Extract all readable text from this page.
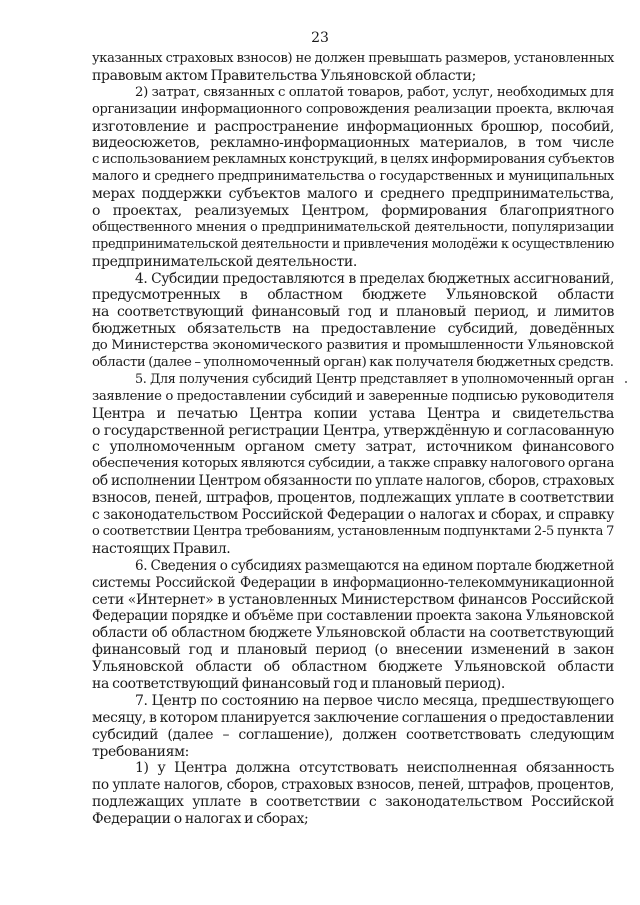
23
указанных страховых взносов) не должен превышать размеров, установленных
правовым актом Правительства Ульяновской области;
2) затрат, связанных с оплатой товаров, работ, услуг, необходимых для
организации информационного сопровождения реализации проекта, включая
изготовление и распространение информационных брошюр, пособий,
видеосюжетов, рекламно-информационных материалов, в том числе
с использованием рекламных конструкций, в целях информирования субъектов
малого и среднего предпринимательства о государственных и муниципальных
мерах поддержки субъектов малого и среднего предпринимательства,
о проектах, реализуемых Центром, формирования благоприятного
общественного мнения о предпринимательской деятельности, популяризации
предпринимательской деятельности и привлечения молодёжи к осуществлению
предпринимательской деятельности.
4. Субсидии предоставляются в пределах бюджетных ассигнований,
предусмотренных в областном бюджете Ульяновской области
на соответствующий финансовый год и плановый период, и лимитов
бюджетных обязательств на предоставление субсидий, доведённых
до Министерства экономического развития и промышленности Ульяновской
области (далее – уполномоченный орган) как получателя бюджетных средств.
5. Для получения субсидий Центр представляет в уполномоченный орган
заявление о предоставлении субсидий и заверенные подписью руководителя
Центра и печатью Центра копии устава Центра и свидетельства
о государственной регистрации Центра, утверждённую и согласованную
с уполномоченным органом смету затрат, источником финансового
обеспечения которых являются субсидии, а также справку налогового органа
об исполнении Центром обязанности по уплате налогов, сборов, страховых
взносов, пеней, штрафов, процентов, подлежащих уплате в соответствии
с законодательством Российской Федерации о налогах и сборах, и справку
о соответствии Центра требованиям, установленным подпунктами 2-5 пункта 7
настоящих Правил.
6. Сведения о субсидиях размещаются на едином портале бюджетной
системы Российской Федерации в информационно-телекоммуникационной
сети «Интернет» в установленных Министерством финансов Российской
Федерации порядке и объёме при составлении проекта закона Ульяновской
области об областном бюджете Ульяновской области на соответствующий
финансовый год и плановый период (о внесении изменений в закон
Ульяновской области об областном бюджете Ульяновской области
на соответствующий финансовый год и плановый период).
7. Центр по состоянию на первое число месяца, предшествующего
месяцу, в котором планируется заключение соглашения о предоставлении
субсидий (далее – соглашение), должен соответствовать следующим
требованиям:
1) у Центра должна отсутствовать неисполненная обязанность
по уплате налогов, сборов, страховых взносов, пеней, штрафов, процентов,
подлежащих уплате в соответствии с законодательством Российской
Федерации о налогах и сборах;
